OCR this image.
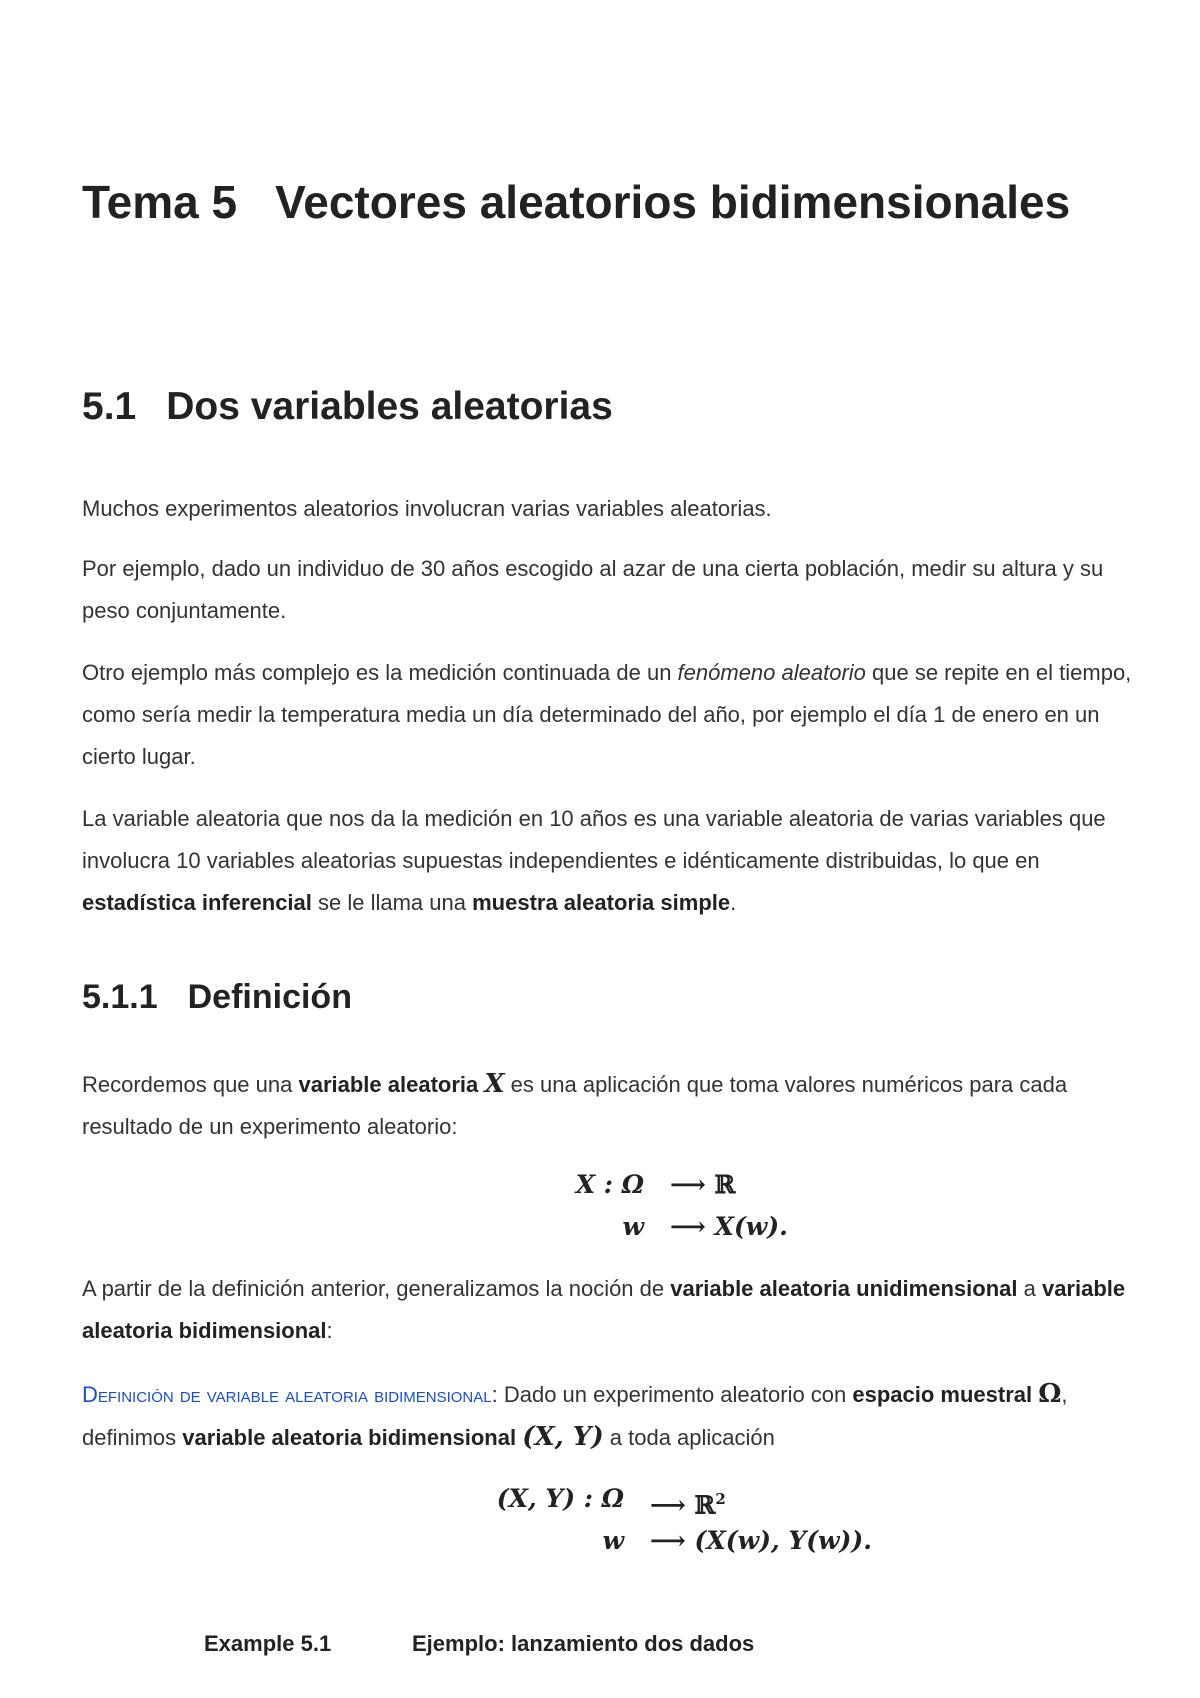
Tema 5 Vectores aleatorios bidimensionales
5.1 Dos variables aleatorias

Muchos experimentos aleatorios involucran varias variables aleatorias.

Por ejemplo, dado un individuo de 30 años escogido al azar de una cierta población, medir su altura y su peso conjuntamente.

Otro ejemplo más complejo es la medición continuada de un fenómeno aleatorio que se repite en el tiempo, como sería medir la temperatura media un día determinado del año, por ejemplo el día 1 de enero en un cierto lugar.

La variable aleatoria que nos da la medición en 10 años es una variable aleatoria de varias variables que involucra 10 variables aleatorias supuestas independientes e idénticamente distribuidas, lo que en estadística inferencial se le llama una muestra aleatoria simple.

5.1.1 Definición

Recordemos que una variable aleatoria X es una aplicación que toma valores numéricos para cada resultado de un experimento aleatorio:

X : Ω ⟶ ℝ
w ⟶ X(w).

A partir de la definición anterior, generalizamos la noción de variable aleatoria unidimensional a variable aleatoria bidimensional:

Definición de variable aleatoria bidimensional: Dado un experimento aleatorio con espacio muestral Ω, definimos variable aleatoria bidimensional (X, Y) a toda aplicación

(X, Y) : Ω ⟶ ℝ$^2$
w ⟶ (X(w), Y(w)).
Example 5.1	Ejemplo: lanzamiento dos dados
